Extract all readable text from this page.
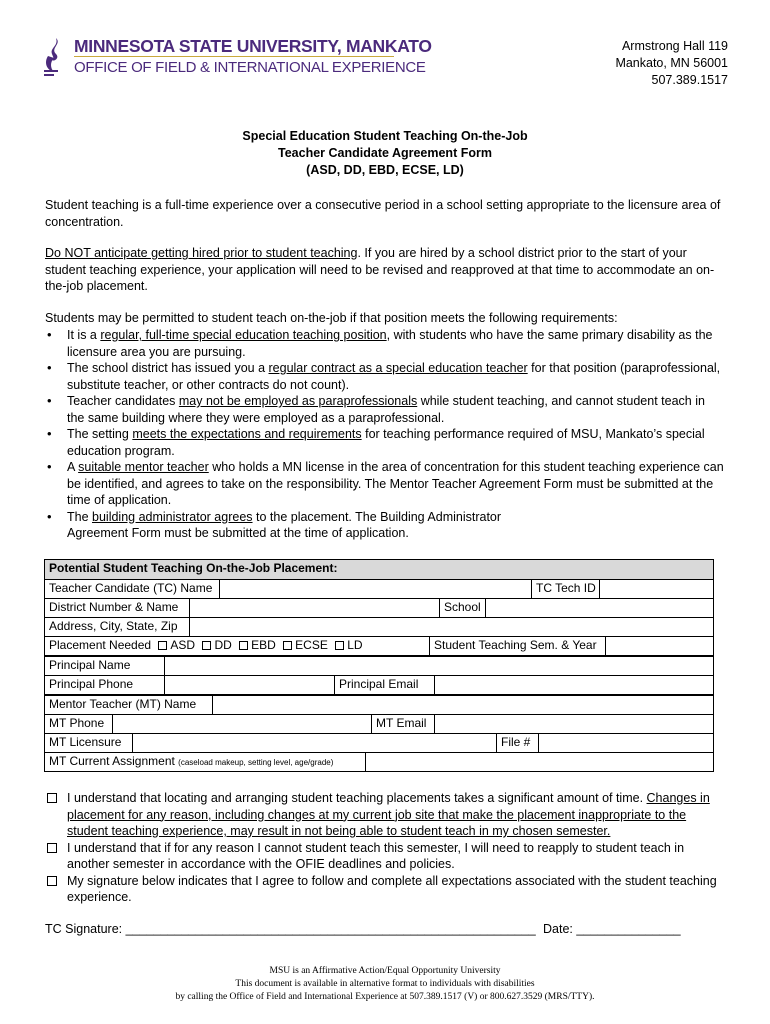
MINNESOTA STATE UNIVERSITY, MANKATO
OFFICE OF FIELD & INTERNATIONAL EXPERIENCE
Armstrong Hall 119
Mankato, MN 56001
507.389.1517
Special Education Student Teaching On-the-Job
Teacher Candidate Agreement Form
(ASD, DD, EBD, ECSE, LD)
Student teaching is a full-time experience over a consecutive period in a school setting appropriate to the licensure area of concentration.
Do NOT anticipate getting hired prior to student teaching. If you are hired by a school district prior to the start of your student teaching experience, your application will need to be revised and reapproved at that time to accommodate an on-the-job placement.
Students may be permitted to student teach on-the-job if that position meets the following requirements:
• It is a regular, full-time special education teaching position, with students who have the same primary disability as the licensure area you are pursuing.
• The school district has issued you a regular contract as a special education teacher for that position (paraprofessional, substitute teacher, or other contracts do not count).
• Teacher candidates may not be employed as paraprofessionals while student teaching, and cannot student teach in the same building where they were employed as a paraprofessional.
• The setting meets the expectations and requirements for teaching performance required of MSU, Mankato’s special education program.
• A suitable mentor teacher who holds a MN license in the area of concentration for this student teaching experience can be identified, and agrees to take on the responsibility. The Mentor Teacher Agreement Form must be submitted at the time of application.
• The building administrator agrees to the placement. The Building Administrator Agreement Form must be submitted at the time of application.
Potential Student Teaching On-the-Job Placement:
Teacher Candidate (TC) Name	TC Tech ID
District Number & Name	School
Address, City, State, Zip
Placement Needed ASD DD EBD ECSE LD	Student Teaching Sem. & Year
Principal Name
Principal Phone	Principal Email
Mentor Teacher (MT) Name
MT Phone	MT Email
MT Licensure	File #
MT Current Assignment (caseload makeup, setting level, age/grade)
I understand that locating and arranging student teaching placements takes a significant amount of time. Changes in placement for any reason, including changes at my current job site that make the placement inappropriate to the student teaching experience, may result in not being able to student teach in my chosen semester.
I understand that if for any reason I cannot student teach this semester, I will need to reapply to student teach in another semester in accordance with the OFIE deadlines and policies.
My signature below indicates that I agree to follow and complete all expectations associated with the student teaching experience.
TC Signature: ___________________________________________________________ Date: _______________
MSU is an Affirmative Action/Equal Opportunity University
This document is available in alternative format to individuals with disabilities
by calling the Office of Field and International Experience at 507.389.1517 (V) or 800.627.3529 (MRS/TTY).
